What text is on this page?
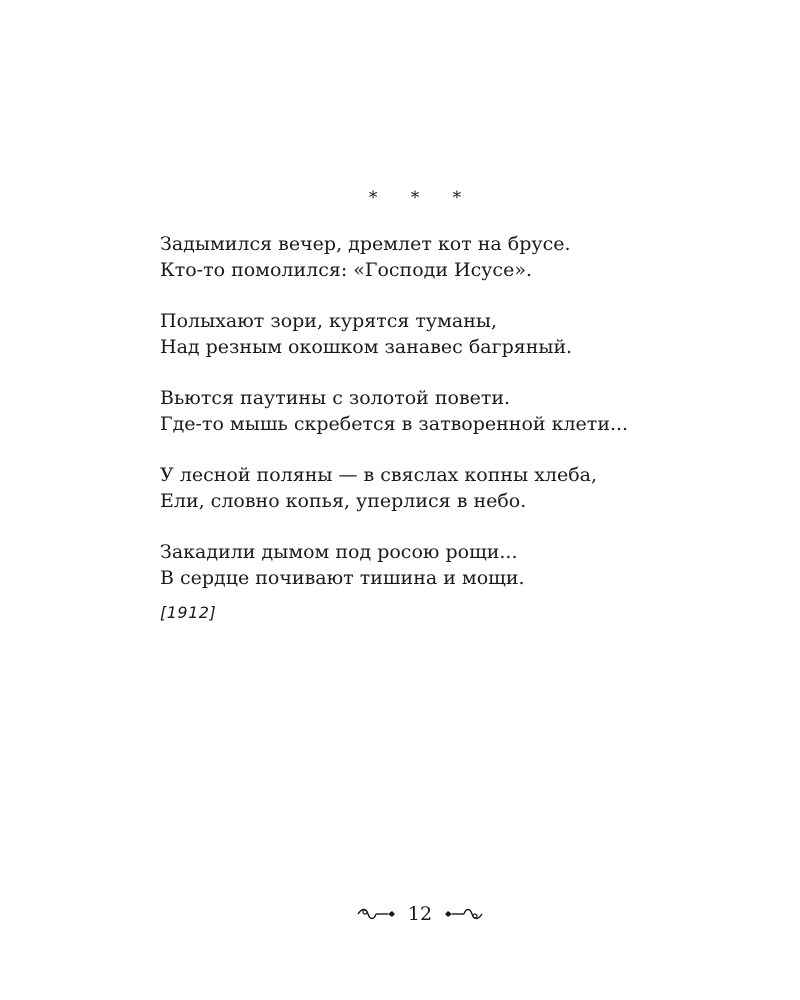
* * *
Задымился вечер, дремлет кот на брусе.
Кто-то помолился: «Господи Исусе».
Полыхают зори, курятся туманы,
Над резным окошком занавес багряный.
Вьются паутины с золотой повети.
Где-то мышь скребется в затворенной клети...
У лесной поляны — в свяслах копны хлеба,
Ели, словно копья, уперлися в небо.
Закадили дымом под росою рощи...
В сердце почивают тишина и мощи.
[1912]
12
